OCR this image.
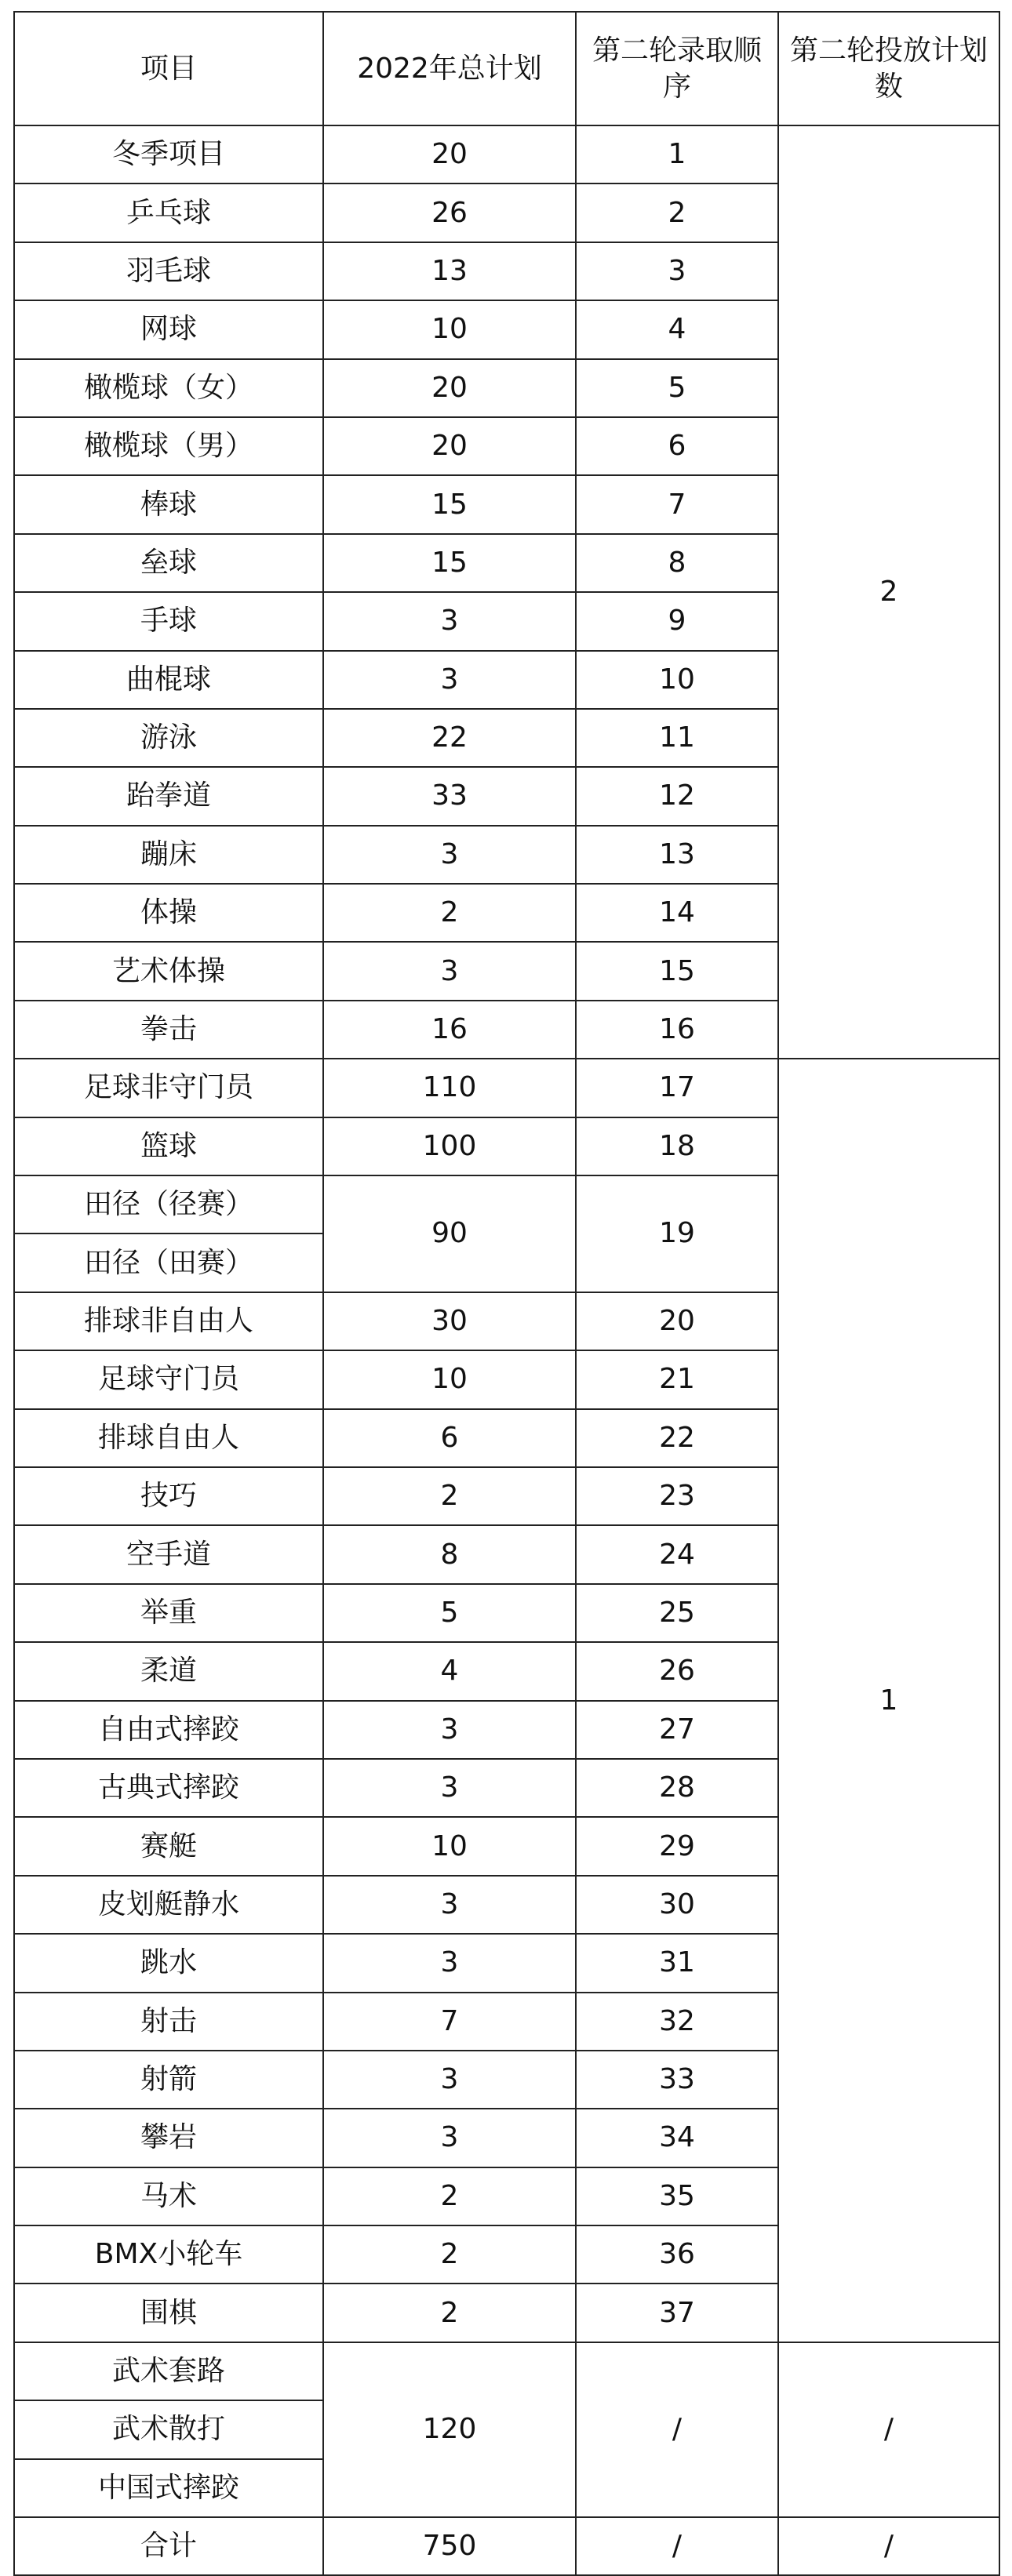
项目	2022年总计划	第二轮录取顺序	第二轮投放计划数
冬季项目	20	1	2
乒乓球	26	2	
羽毛球	13	3	
网球	10	4	
橄榄球（女）	20	5	
橄榄球（男）	20	6	
棒球	15	7	
垒球	15	8	
手球	3	9	
曲棍球	3	10	
游泳	22	11	
跆拳道	33	12	
蹦床	3	13	
体操	2	14	
艺术体操	3	15	
拳击	16	16	
足球非守门员	110	17	1
篮球	100	18	
田径（径赛）	90	19	
田径（田赛）			
排球非自由人	30	20	
足球守门员	10	21	
排球自由人	6	22	
技巧	2	23	
空手道	8	24	
举重	5	25	
柔道	4	26	
自由式摔跤	3	27	
古典式摔跤	3	28	
赛艇	10	29	
皮划艇静水	3	30	
跳水	3	31	
射击	7	32	
射箭	3	33	
攀岩	3	34	
马术	2	35	
BMX小轮车	2	36	
围棋	2	37	
武术套路	120	/	/
武术散打			
中国式摔跤			
合计	750	/	/
